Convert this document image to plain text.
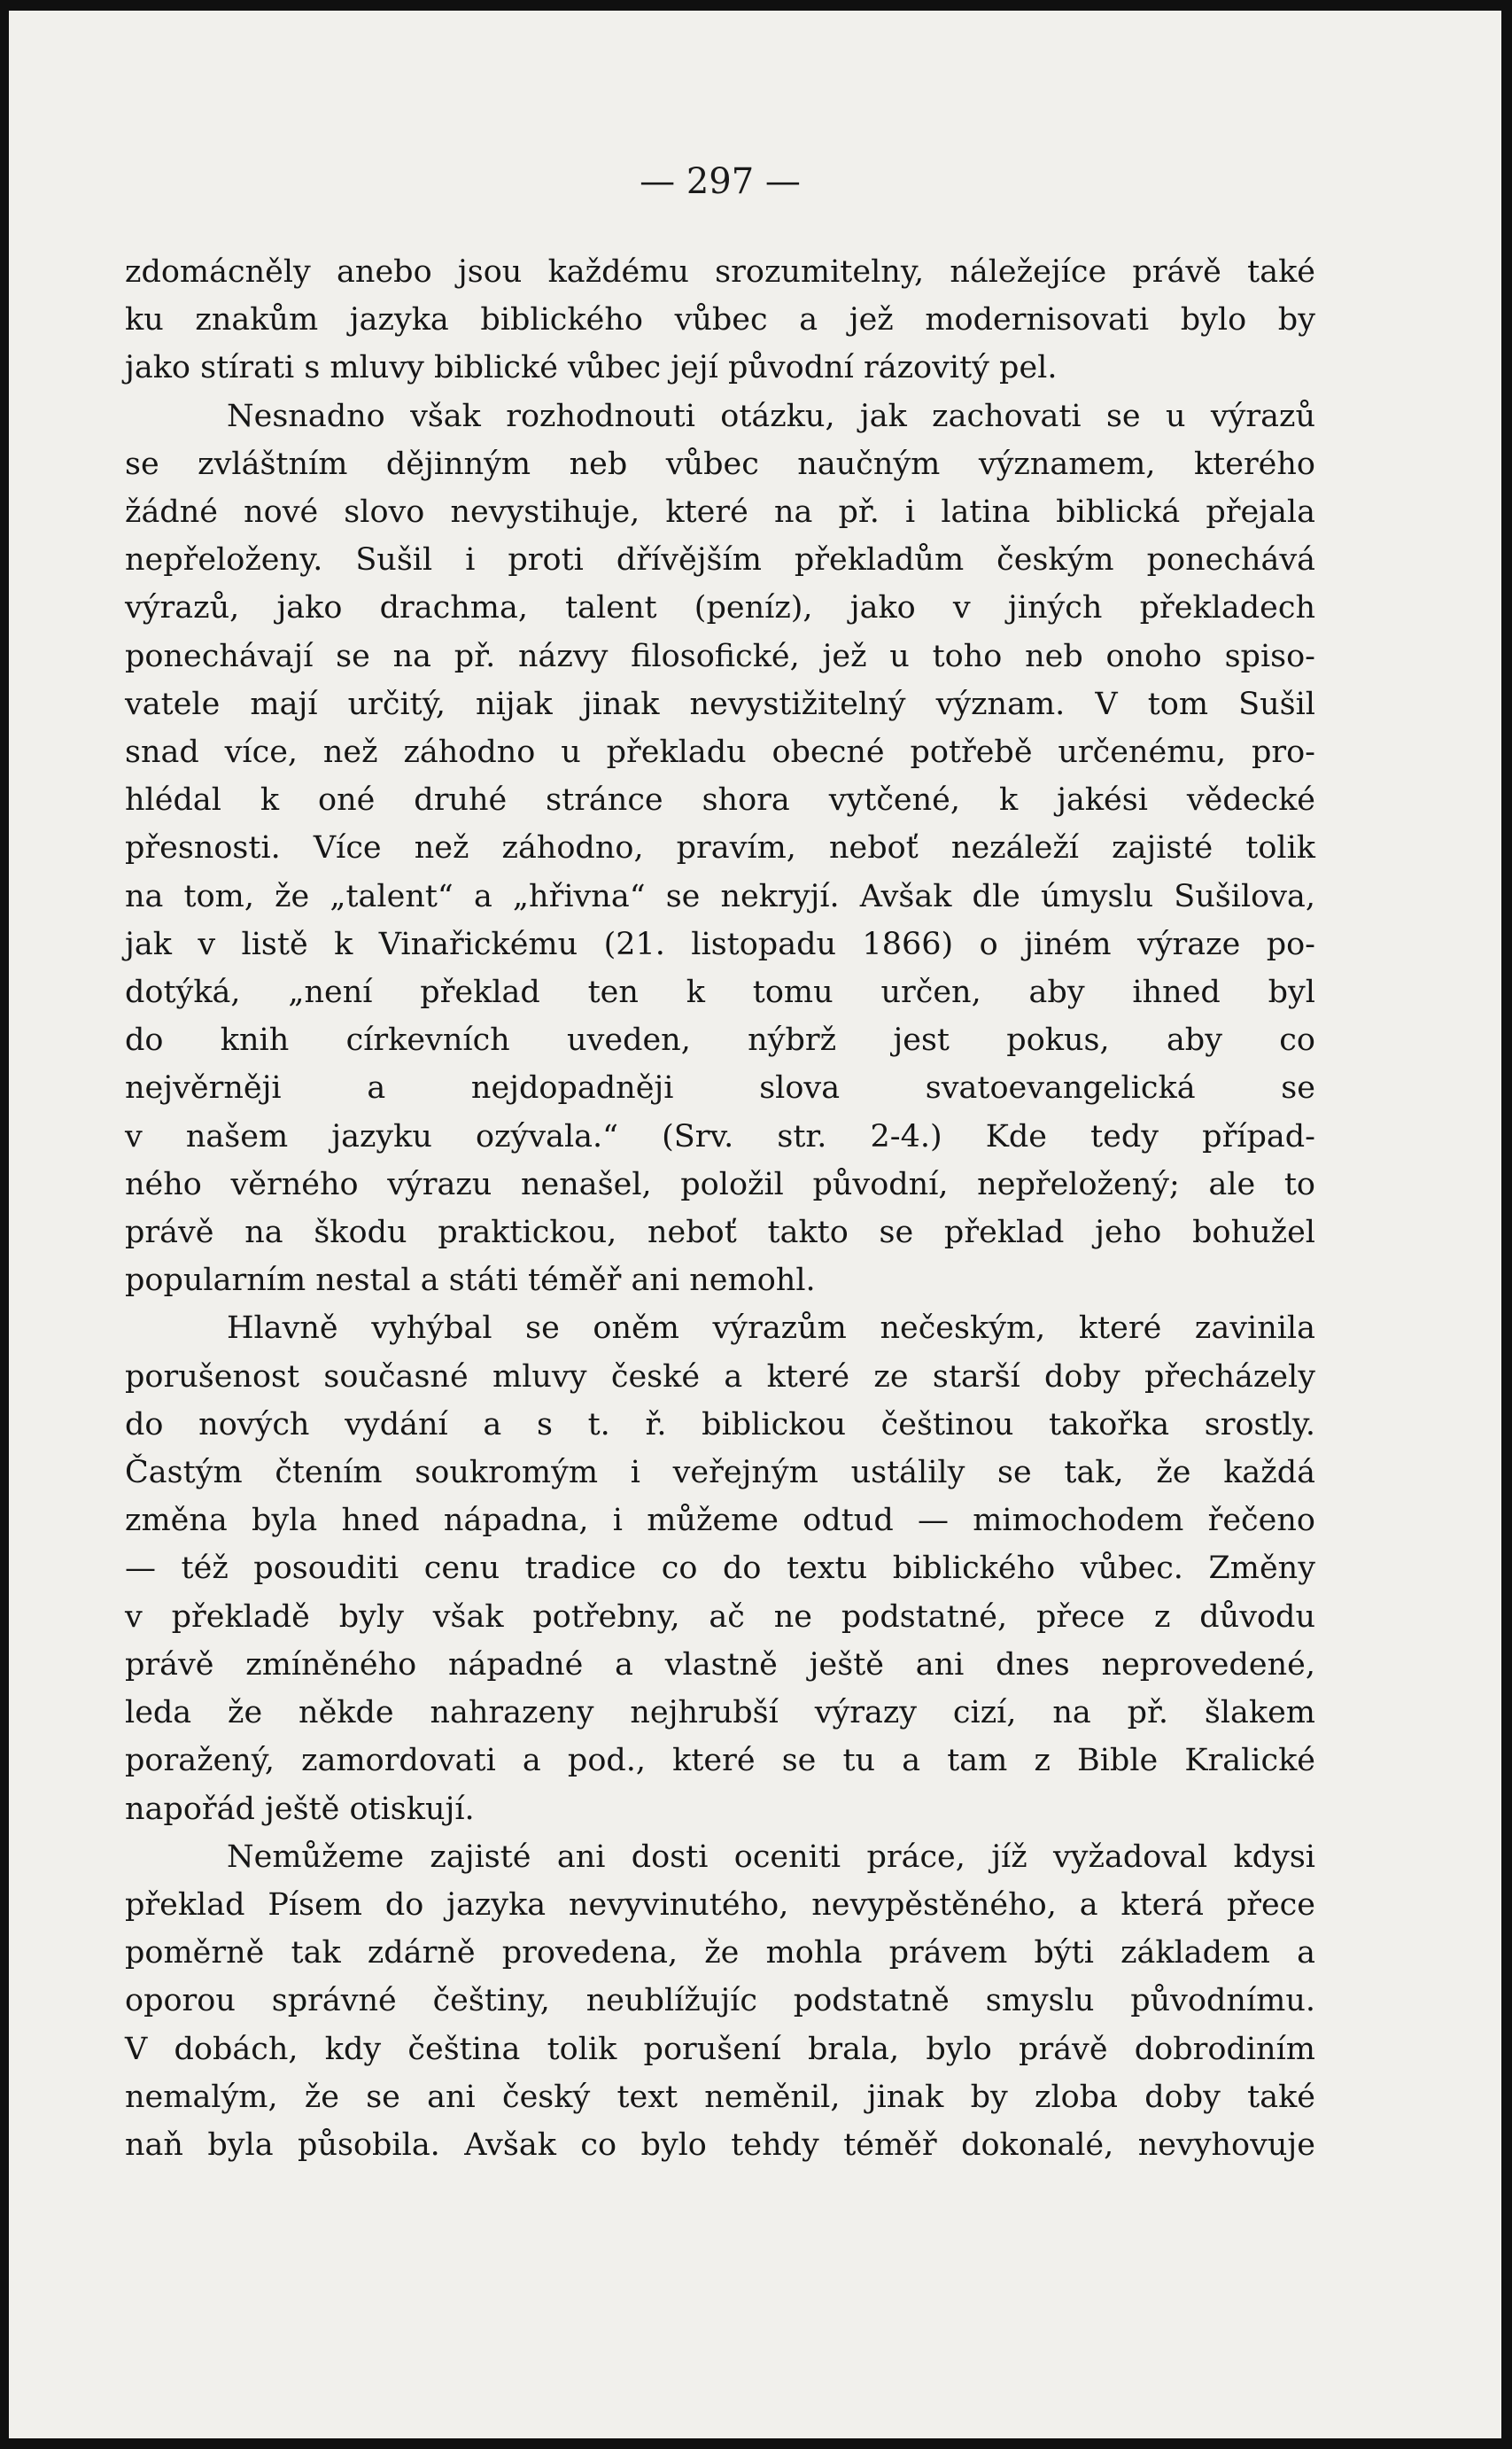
— 297 —
zdomácněly anebo jsou každému srozumitelny, náležejíce právě také
ku znakům jazyka biblického vůbec a jež modernisovati bylo by
jako stírati s mluvy biblické vůbec její původní rázovitý pel.
Nesnadno však rozhodnouti otázku, jak zachovati se u výrazů
se zvláštním dějinným neb vůbec naučným významem, kterého
žádné nové slovo nevystihuje, které na př. i latina biblická přejala
nepřeloženy. Sušil i proti dřívějším překladům českým ponechává
výrazů, jako drachma, talent (peníz), jako v jiných překladech
ponechávají se na př. názvy filosofické, jež u toho neb onoho spiso-
vatele mají určitý, nijak jinak nevystižitelný význam. V tom Sušil
snad více, než záhodno u překladu obecné potřebě určenému, pro-
hlédal k oné druhé stránce shora vytčené, k jakési vědecké
přesnosti. Více než záhodno, pravím, neboť nezáleží zajisté tolik
na tom, že „talent“ a „hřivna“ se nekryjí. Avšak dle úmyslu Sušilova,
jak v listě k Vinařickému (21. listopadu 1866) o jiném výraze po-
dotýká, „není překlad ten k tomu určen, aby ihned byl
do knih církevních uveden, nýbrž jest pokus, aby co
nejvěrněji a nejdopadněji slova svatoevangelická se
v našem jazyku ozývala.“ (Srv. str. 2-4.) Kde tedy případ-
ného věrného výrazu nenašel, položil původní, nepřeložený; ale to
právě na škodu praktickou, neboť takto se překlad jeho bohužel
popularním nestal a státi téměř ani nemohl.
Hlavně vyhýbal se oněm výrazům nečeským, které zavinila
porušenost současné mluvy české a které ze starší doby přecházely
do nových vydání a s t. ř. biblickou češtinou takořka srostly.
Častým čtením soukromým i veřejným ustálily se tak, že každá
změna byla hned nápadna, i můžeme odtud — mimochodem řečeno
— též posouditi cenu tradice co do textu biblického vůbec. Změny
v překladě byly však potřebny, ač ne podstatné, přece z důvodu
právě zmíněného nápadné a vlastně ještě ani dnes neprovedené,
leda že někde nahrazeny nejhrubší výrazy cizí, na př. šlakem
poražený, zamordovati a pod., které se tu a tam z Bible Kralické
napořád ještě otiskují.
Nemůžeme zajisté ani dosti oceniti práce, jíž vyžadoval kdysi
překlad Písem do jazyka nevyvinutého, nevypěstěného, a která přece
poměrně tak zdárně provedena, že mohla právem býti základem a
oporou správné češtiny, neublížujíc podstatně smyslu původnímu.
V dobách, kdy čeština tolik porušení brala, bylo právě dobrodiním
nemalým, že se ani český text neměnil, jinak by zloba doby také
naň byla působila. Avšak co bylo tehdy téměř dokonalé, nevyhovuje
